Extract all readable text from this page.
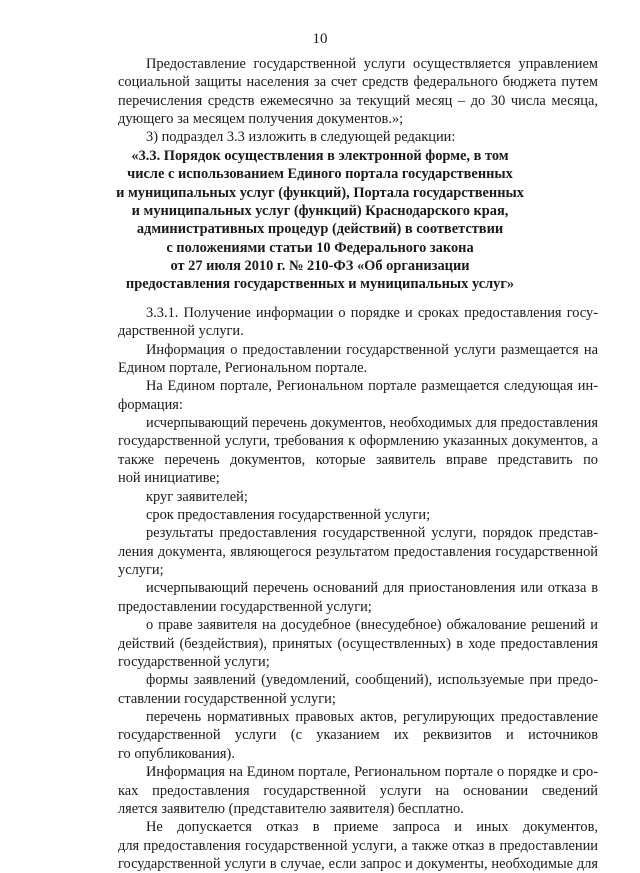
10
Предоставление государственной услуги осуществляется управлением
социальной защиты населения за счет средств федерального бюджета путем
перечисления средств ежемесячно за текущий месяц – до 30 числа месяца,
дующего за месяцем получения документов.»;
3) подраздел 3.3 изложить в следующей редакции:
«3.3. Порядок осуществления в электронной форме, в том
числе с использованием Единого портала государственных
и муниципальных услуг (функций), Портала государственных
и муниципальных услуг (функций) Краснодарского края,
административных процедур (действий) в соответствии
с положениями статьи 10 Федерального закона
от 27 июля 2010 г. № 210-ФЗ «Об организации
предоставления государственных и муниципальных услуг»
3.3.1. Получение информации о порядке и сроках предоставления госу-
дарственной услуги.
Информация о предоставлении государственной услуги размещается на
Едином портале, Региональном портале.
На Едином портале, Региональном портале размещается следующая ин-
формация:
исчерпывающий перечень документов, необходимых для предоставления
государственной услуги, требования к оформлению указанных документов, а
также перечень документов, которые заявитель вправе представить по
ной инициативе;
круг заявителей;
срок предоставления государственной услуги;
результаты предоставления государственной услуги, порядок представ-
ления документа, являющегося результатом предоставления государственной
услуги;
исчерпывающий перечень оснований для приостановления или отказа в
предоставлении государственной услуги;
о праве заявителя на досудебное (внесудебное) обжалование решений и
действий (бездействия), принятых (осуществленных) в ходе предоставления
государственной услуги;
формы заявлений (уведомлений, сообщений), используемые при предо-
ставлении государственной услуги;
перечень нормативных правовых актов, регулирующих предоставление
государственной услуги (с указанием их реквизитов и источников
го опубликования).
Информация на Едином портале, Региональном портале о порядке и сро-
ках предоставления государственной услуги на основании сведений
ляется заявителю (представителю заявителя) бесплатно.
Не допускается отказ в приеме запроса и иных документов,
для предоставления государственной услуги, а также отказ в предоставлении
государственной услуги в случае, если запрос и документы, необходимые для
